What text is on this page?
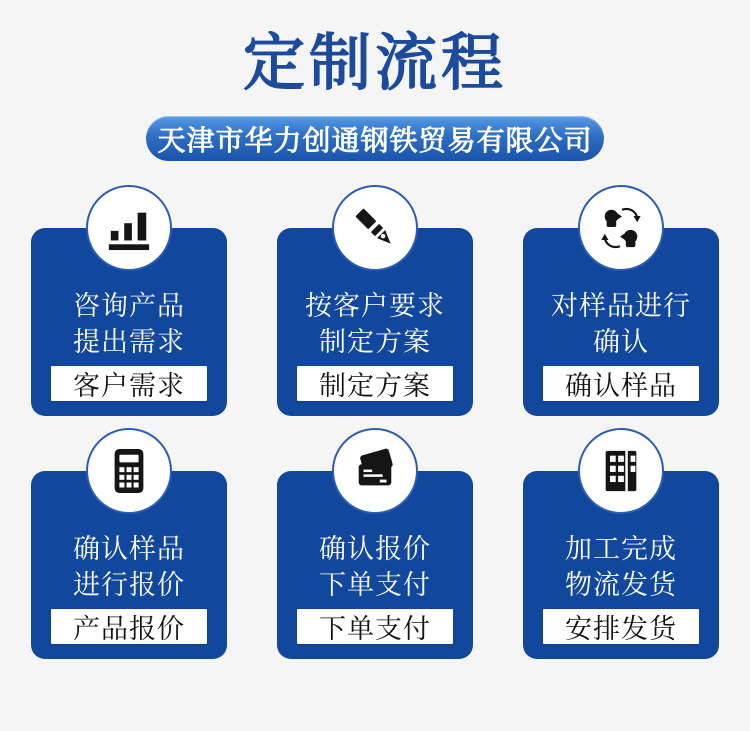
定制流程
天津市华力创通钢铁贸易有限公司
咨询产品
提出需求
客户需求
按客户要求
制定方案
制定方案
对样品进行
确认
确认样品
确认样品
进行报价
产品报价
确认报价
下单支付
下单支付
加工完成
物流发货
安排发货
